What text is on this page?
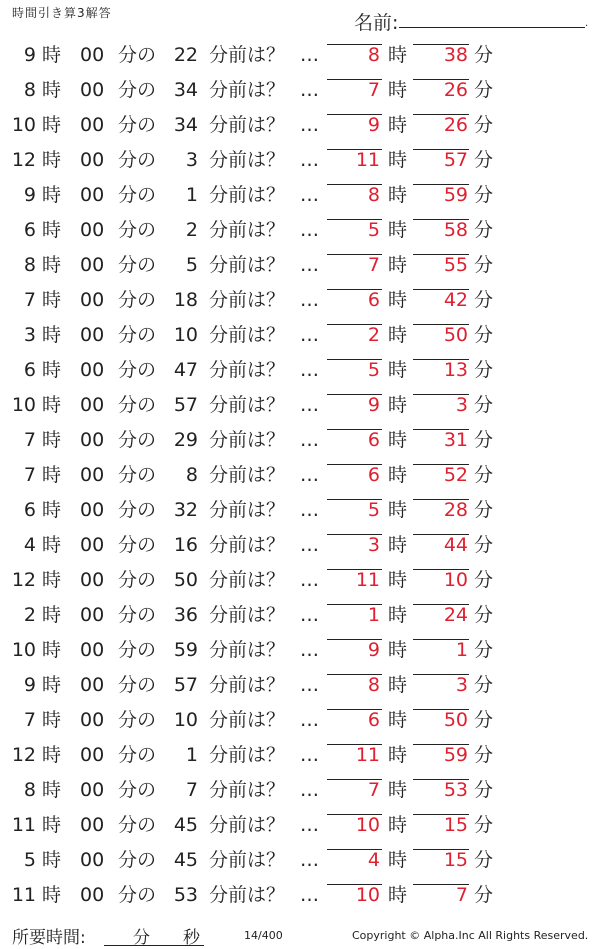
時間引き算3解答	名前:	.
9 時 00 分の 22 分前は？ …	8 時	38 分
8 時 00 分の 34 分前は？ …	7 時	26 分
10 時 00 分の 34 分前は？ …	9 時	26 分
12 時 00 分の	3 分前は？ …	11 時	57 分
9 時 00 分の	1 分前は？ …	8 時	59 分
6 時 00 分の	2 分前は？ …	5 時	58 分
8 時 00 分の	5 分前は？ …	7 時	55 分
7 時 00 分の 18 分前は？ …	6 時	42 分
3 時 00 分の 10 分前は？ …	2 時	50 分
6 時 00 分の 47 分前は？ …	5 時	13 分
10 時 00 分の 57 分前は？ …	9 時	3 分
7 時 00 分の 29 分前は？ …	6 時	31 分
7 時 00 分の	8 分前は？ …	6 時	52 分
6 時 00 分の 32 分前は？ …	5 時	28 分
4 時 00 分の 16 分前は？ …	3 時	44 分
12 時 00 分の 50 分前は？ …	11 時	10 分
2 時 00 分の 36 分前は？ …	1 時	24 分
10 時 00 分の 59 分前は？ …	9 時	1 分
9 時 00 分の 57 分前は？ …	8 時	3 分
7 時 00 分の 10 分前は？ …	6 時	50 分
12 時 00 分の	1 分前は？ …	11 時	59 分
8 時 00 分の	7 分前は？ …	7 時	53 分
11 時 00 分の 45 分前は？ …	10 時	15 分
5 時 00 分の 45 分前は？ …	4 時	15 分
11 時 00 分の 53 分前は？ …	10 時	7 分
所要時間:	分 秒	14/400	Copyright © Alpha.Inc All Rights Reserved.
